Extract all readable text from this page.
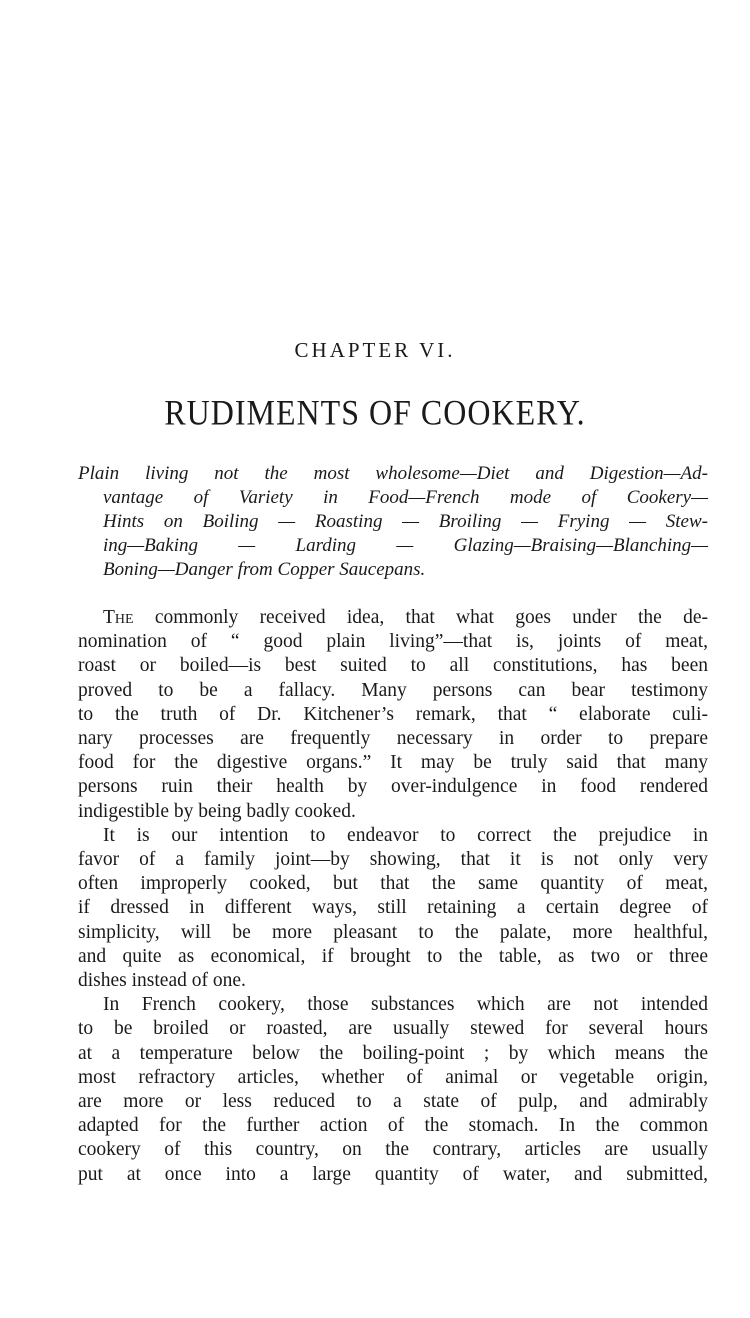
CHAPTER VI.
RUDIMENTS OF COOKERY.
Plain living not the most wholesome—Diet and Digestion—Ad-
vantage of Variety in Food—French mode of Cookery—
Hints on Boiling — Roasting — Broiling — Frying — Stew-
ing—Baking — Larding — Glazing—Braising—Blanching—
Boning—Danger from Copper Saucepans.
The commonly received idea, that what goes under the de-
nomination of “ good plain living”—that is, joints of meat,
roast or boiled—is best suited to all constitutions, has been
proved to be a fallacy. Many persons can bear testimony
to the truth of Dr. Kitchener’s remark, that “ elaborate culi-
nary processes are frequently necessary in order to prepare
food for the digestive organs.” It may be truly said that many
persons ruin their health by over-indulgence in food rendered
indigestible by being badly cooked.
It is our intention to endeavor to correct the prejudice in
favor of a family joint—by showing, that it is not only very
often improperly cooked, but that the same quantity of meat,
if dressed in different ways, still retaining a certain degree of
simplicity, will be more pleasant to the palate, more healthful,
and quite as economical, if brought to the table, as two or three
dishes instead of one.
In French cookery, those substances which are not intended
to be broiled or roasted, are usually stewed for several hours
at a temperature below the boiling-point ; by which means the
most refractory articles, whether of animal or vegetable origin,
are more or less reduced to a state of pulp, and admirably
adapted for the further action of the stomach. In the common
cookery of this country, on the contrary, articles are usually
put at once into a large quantity of water, and submitted,
